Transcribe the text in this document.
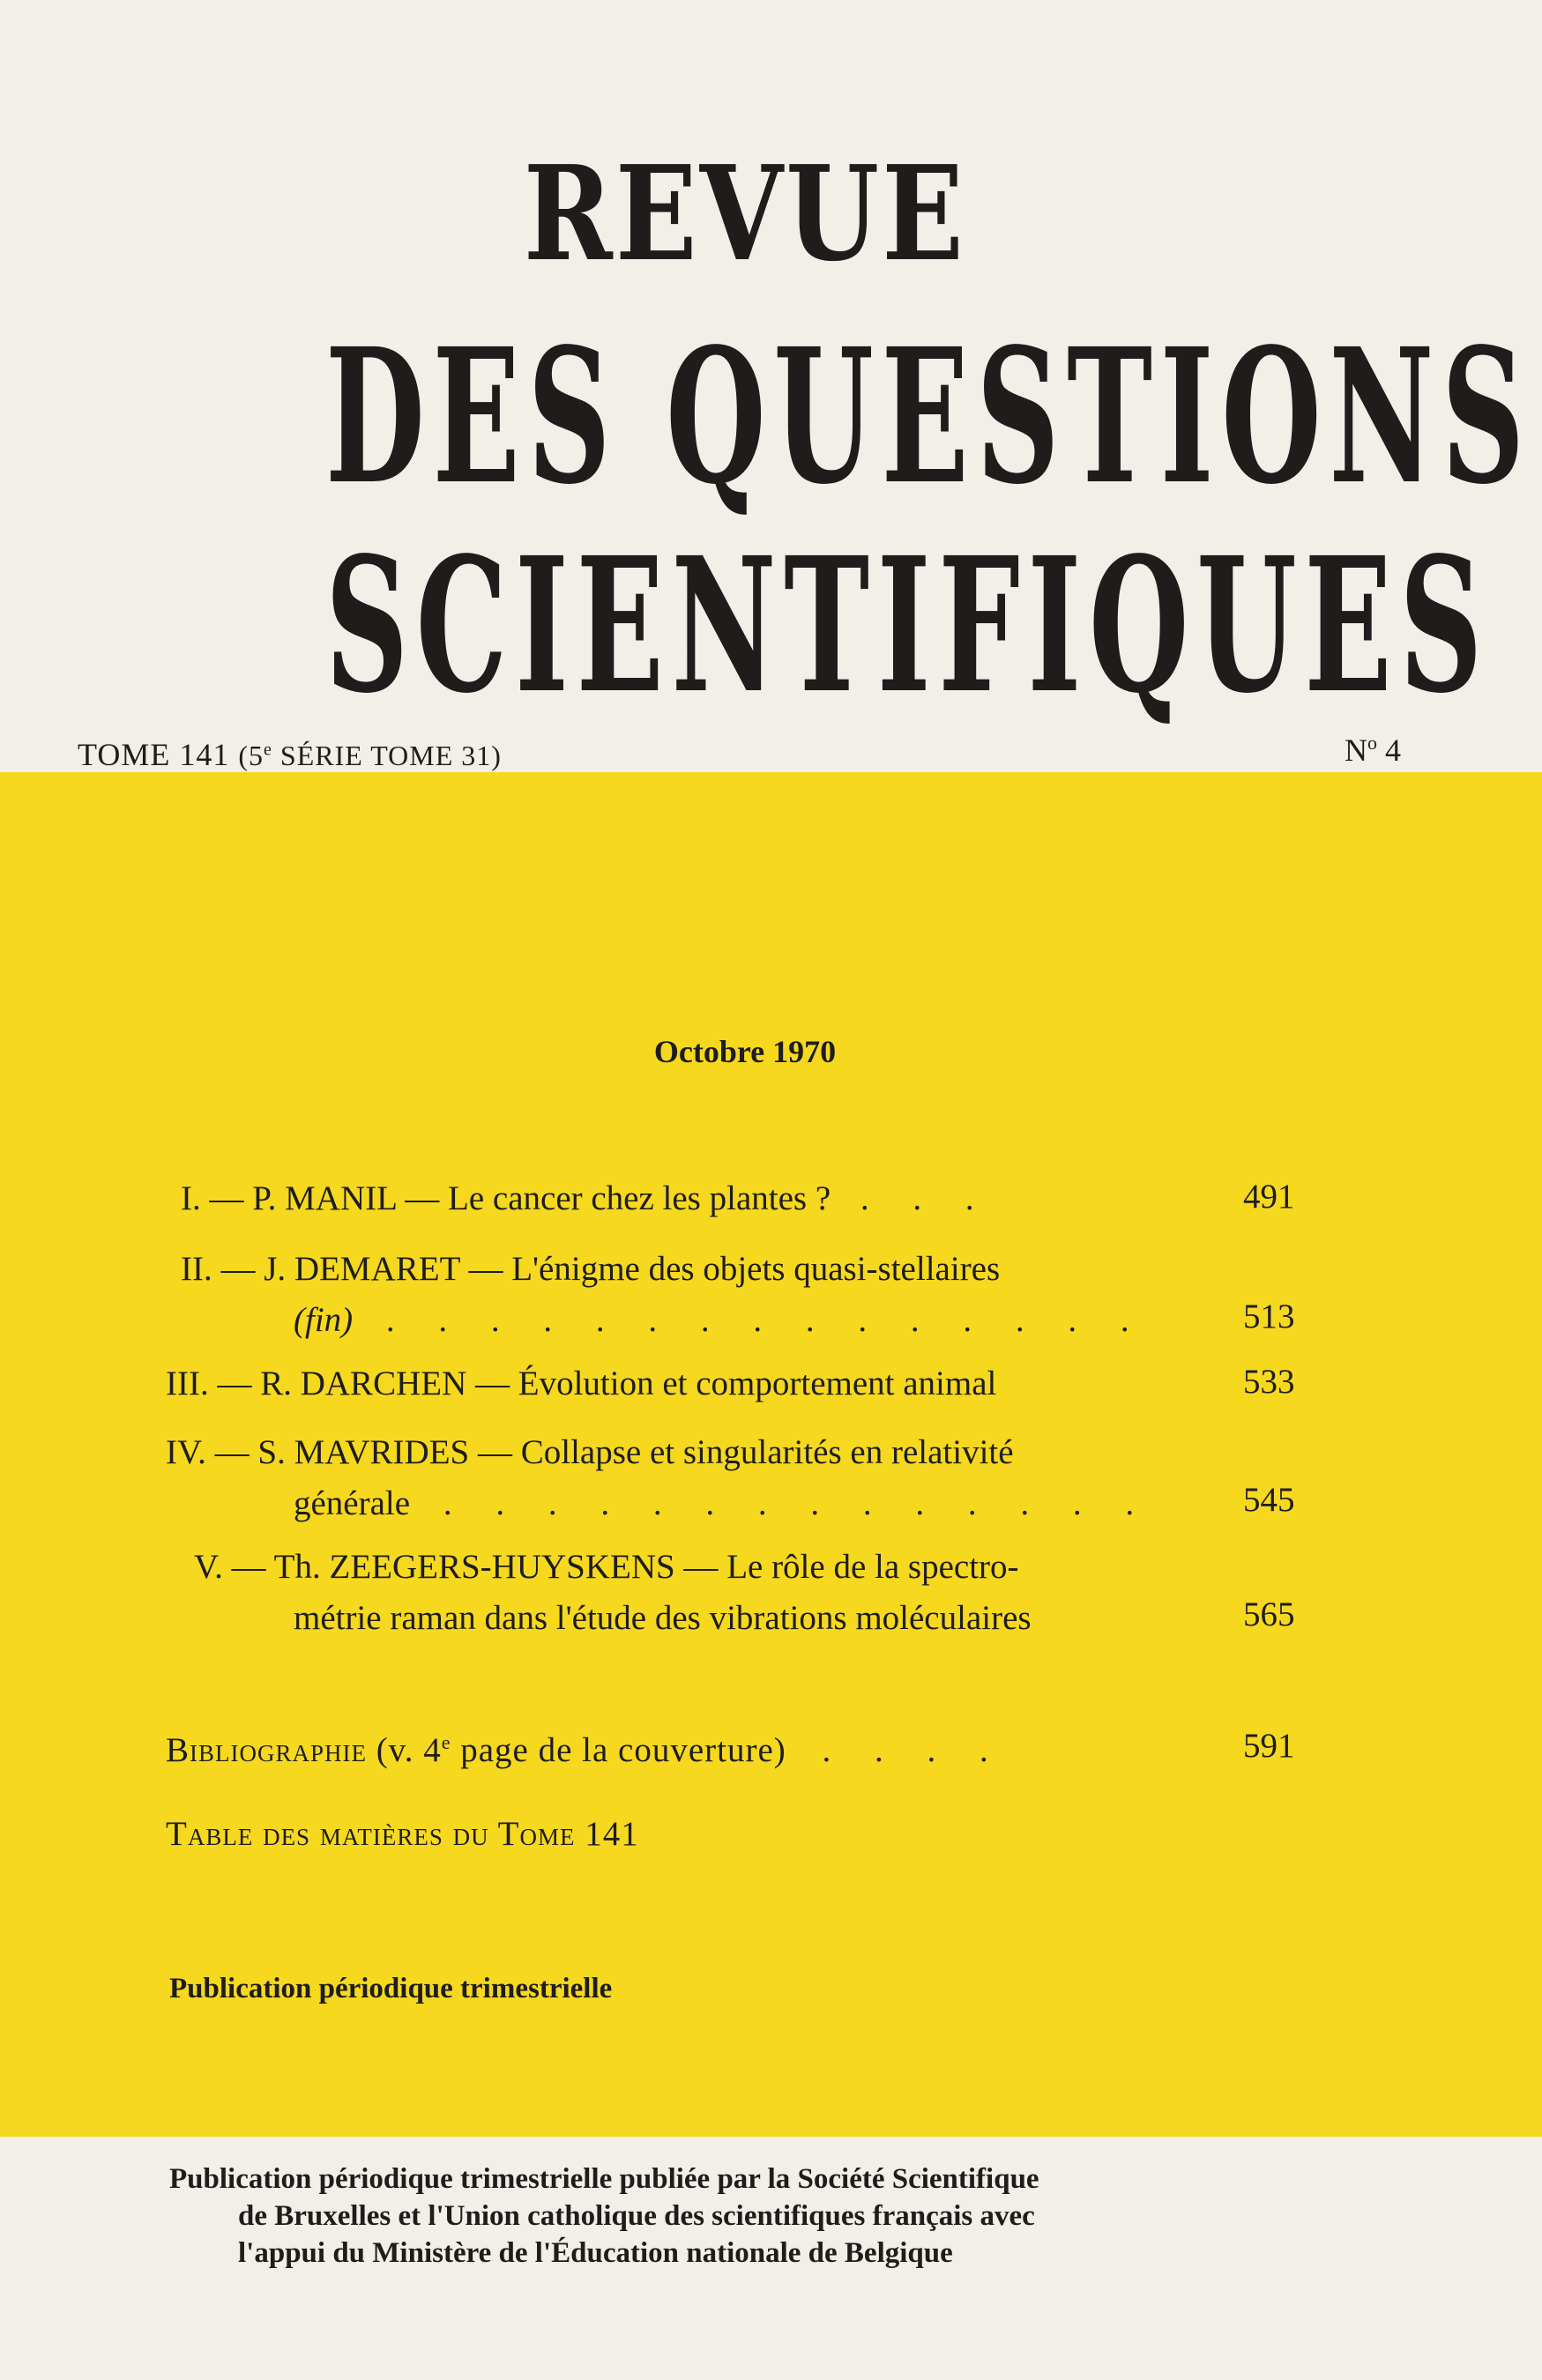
REVUE
DES QUESTIONS
SCIENTIFIQUES
TOME 141 (5e SÉRIE TOME 31)	$N^o$ 4
Octobre 1970
I. — P. MANIL — Le cancer chez les plantes ? . . .	491
II. — J. DEMARET — L'énigme des objets quasi-stellaires
(fin) . . . . . . . . . . . . . . .	513
III. — R. DARCHEN — Évolution et comportement animal	533
IV. — S. MAVRIDES — Collapse et singularités en relativité
générale . . . . . . . . . . . . . .	545
V. — Th. ZEEGERS-HUYSKENS — Le rôle de la spectro-
métrie raman dans l'étude des vibrations moléculaires	565
Bibliographie (v. 4e page de la couverture) . . . .	591
Table des matières du Tome 141
Publication périodique trimestrielle
Publication périodique trimestrielle publiée par la Société Scientifique
de Bruxelles et l'Union catholique des scientifiques français avec
l'appui du Ministère de l'Éducation nationale de Belgique
